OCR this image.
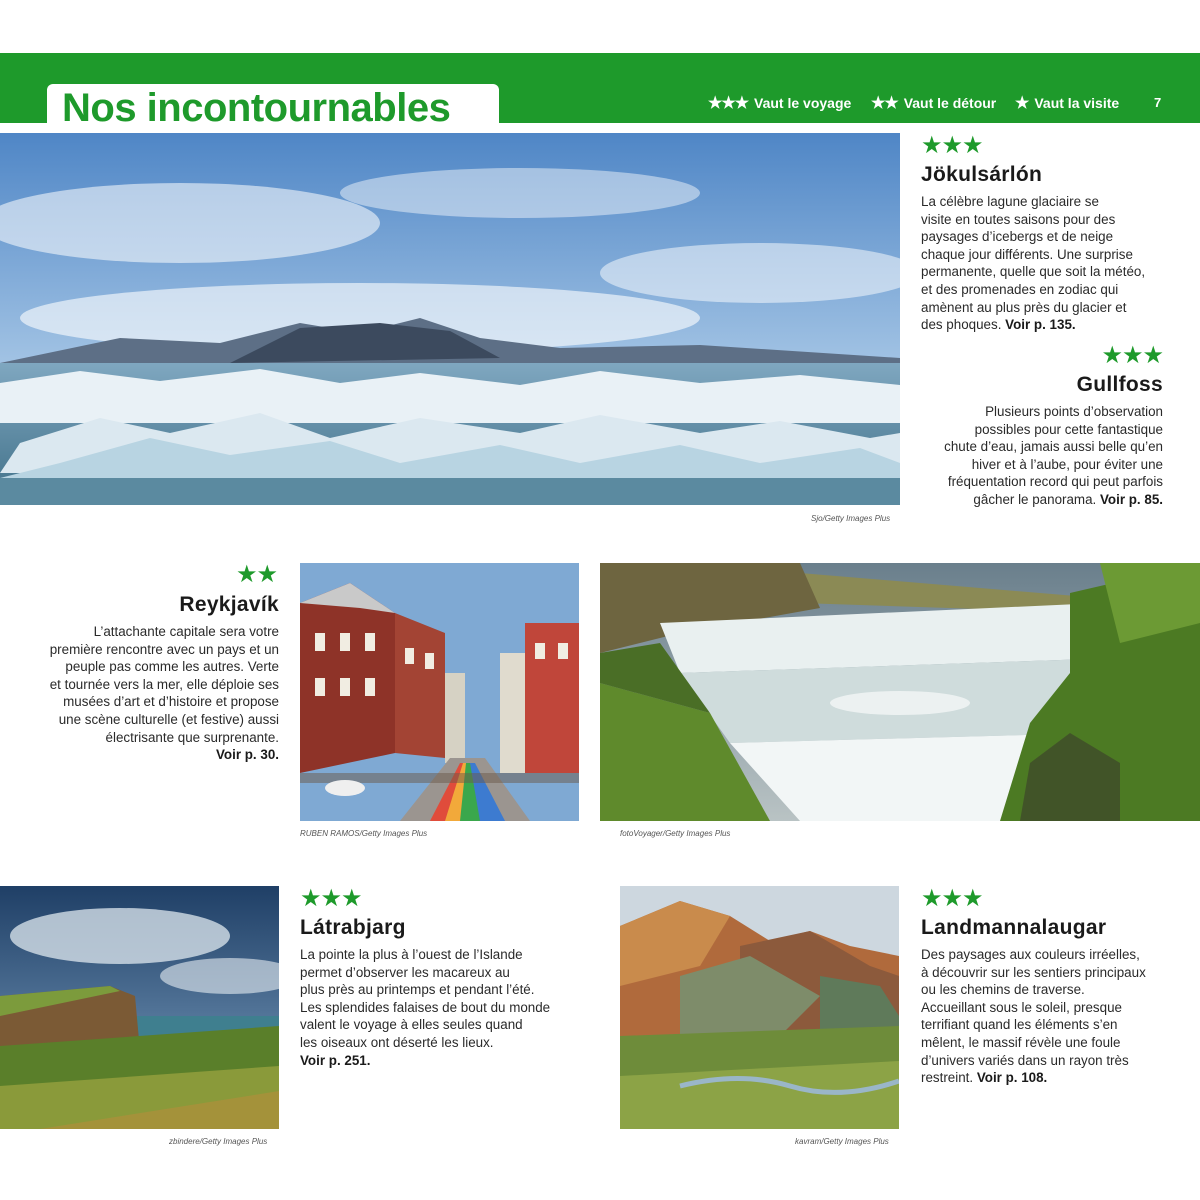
Nos incontournables	★★★ Vaut le voyage ★★ Vaut le détour ★ Vaut la visite	7
Sjo/Getty Images Plus
★★★
Jökulsárlón
La célèbre lagune glaciaire se
visite en toutes saisons pour des
paysages d’icebergs et de neige
chaque jour différents. Une surprise
permanente, quelle que soit la météo,
et des promenades en zodiac qui
amènent au plus près du glacier et
des phoques. Voir p. 135.
★★★
Gullfoss
Plusieurs points d’observation
possibles pour cette fantastique
chute d’eau, jamais aussi belle qu’en
hiver et à l’aube, pour éviter une
fréquentation record qui peut parfois
gâcher le panorama. Voir p. 85.
★★
Reykjavík
L’attachante capitale sera votre
première rencontre avec un pays et un
peuple pas comme les autres. Verte
et tournée vers la mer, elle déploie ses
musées d’art et d’histoire et propose
une scène culturelle (et festive) aussi
électrisante que surprenante.
Voir p. 30.
RUBEN RAMOS/Getty Images Plus	fotoVoyager/Getty Images Plus
zbindere/Getty Images Plus
★★★
Látrabjarg
La pointe la plus à l’ouest de l’Islande
permet d’observer les macareux au
plus près au printemps et pendant l’été.
Les splendides falaises de bout du monde
valent le voyage à elles seules quand
les oiseaux ont déserté les lieux.
Voir p. 251.
kavram/Getty Images Plus
★★★
Landmannalaugar
Des paysages aux couleurs irréelles,
à découvrir sur les sentiers principaux
ou les chemins de traverse.
Accueillant sous le soleil, presque
terrifiant quand les éléments s’en
mêlent, le massif révèle une foule
d’univers variés dans un rayon très
restreint. Voir p. 108.
